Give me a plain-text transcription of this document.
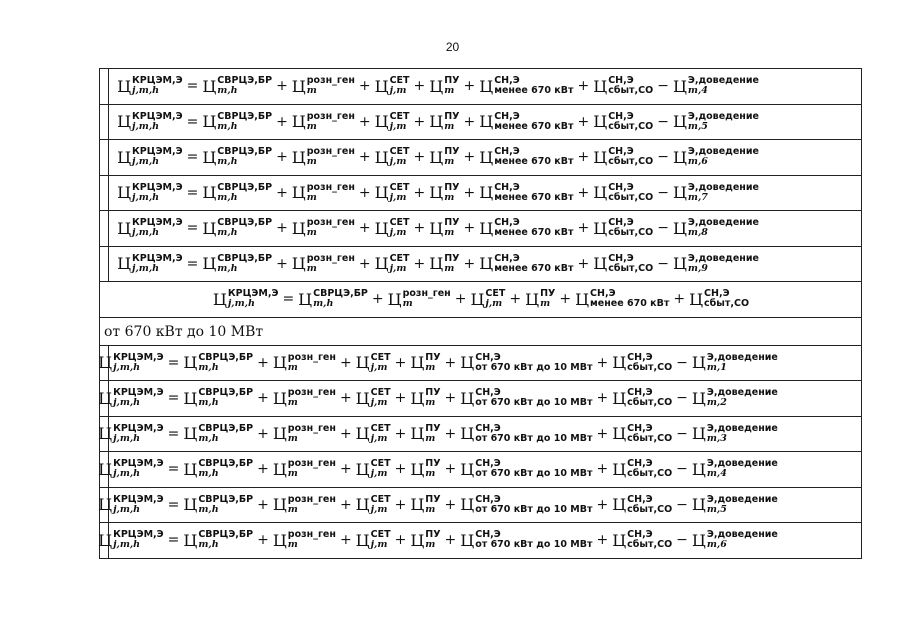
20
Ц КРЦЭМ,Э
j,m,h	= Ц СВРЦЭ,БР
m,h	+ Ц розн_ген
m	+ Ц СЕТ
j,m + Ц ПУ
m + Ц СН,Э
менее 670 кВт + Ц СН,Э
сбыт,СО − Ц Э,доведение
m,4
Ц КРЦЭМ,Э
j,m,h	= Ц СВРЦЭ,БР
m,h	+ Ц розн_ген
m	+ Ц СЕТ
j,m + Ц ПУ
m + Ц СН,Э
менее 670 кВт + Ц СН,Э
сбыт,СО − Ц Э,доведение
m,5
Ц КРЦЭМ,Э
j,m,h	= Ц СВРЦЭ,БР
m,h	+ Ц розн_ген
m	+ Ц СЕТ
j,m + Ц ПУ
m + Ц СН,Э
менее 670 кВт + Ц СН,Э
сбыт,СО − Ц Э,доведение
m,6
Ц КРЦЭМ,Э
j,m,h	= Ц СВРЦЭ,БР
m,h	+ Ц розн_ген
m	+ Ц СЕТ
j,m + Ц ПУ
m + Ц СН,Э
менее 670 кВт + Ц СН,Э
сбыт,СО − Ц Э,доведение
m,7
Ц КРЦЭМ,Э
j,m,h	= Ц СВРЦЭ,БР
m,h	+ Ц розн_ген
m	+ Ц СЕТ
j,m + Ц ПУ
m + Ц СН,Э
менее 670 кВт + Ц СН,Э
сбыт,СО − Ц Э,доведение
m,8
Ц КРЦЭМ,Э
j,m,h	= Ц СВРЦЭ,БР
m,h	+ Ц розн_ген
m	+ Ц СЕТ
j,m + Ц ПУ
m + Ц СН,Э
менее 670 кВт + Ц СН,Э
сбыт,СО − Ц Э,доведение
m,9
Ц КРЦЭМ,Э
j,m,h	= Ц СВРЦЭ,БР
m,h	+ Ц розн_ген
m	+ Ц СЕТ
j,m + Ц ПУ
m + Ц СН,Э
менее 670 кВт + Ц СН,Э
сбыт,СО
от 670 кВт до 10 МВт
Ц КРЦЭМ,Э
j,m,h	= Ц СВРЦЭ,БР
m,h	+ Ц розн_ген
m	+ Ц СЕТ
j,m + Ц ПУ
m + Ц СН,Э
от 670 кВт до 10 МВт + Ц СН,Э
сбыт,СО − Ц Э,доведение
m,1
Ц КРЦЭМ,Э
j,m,h	= Ц СВРЦЭ,БР
m,h	+ Ц розн_ген
m	+ Ц СЕТ
j,m + Ц ПУ
m + Ц СН,Э
от 670 кВт до 10 МВт + Ц СН,Э
сбыт,СО − Ц Э,доведение
m,2
Ц КРЦЭМ,Э
j,m,h	= Ц СВРЦЭ,БР
m,h	+ Ц розн_ген
m	+ Ц СЕТ
j,m + Ц ПУ
m + Ц СН,Э
от 670 кВт до 10 МВт + Ц СН,Э
сбыт,СО − Ц Э,доведение
m,3
Ц КРЦЭМ,Э
j,m,h	= Ц СВРЦЭ,БР
m,h	+ Ц розн_ген
m	+ Ц СЕТ
j,m + Ц ПУ
m + Ц СН,Э
от 670 кВт до 10 МВт + Ц СН,Э
сбыт,СО − Ц Э,доведение
m,4
Ц КРЦЭМ,Э
j,m,h	= Ц СВРЦЭ,БР
m,h	+ Ц розн_ген
m	+ Ц СЕТ
j,m + Ц ПУ
m + Ц СН,Э
от 670 кВт до 10 МВт + Ц СН,Э
сбыт,СО − Ц Э,доведение
m,5
Ц КРЦЭМ,Э
j,m,h	= Ц СВРЦЭ,БР
m,h	+ Ц розн_ген
m	+ Ц СЕТ
j,m + Ц ПУ
m + Ц СН,Э
от 670 кВт до 10 МВт + Ц СН,Э
сбыт,СО − Ц Э,доведение
m,6
